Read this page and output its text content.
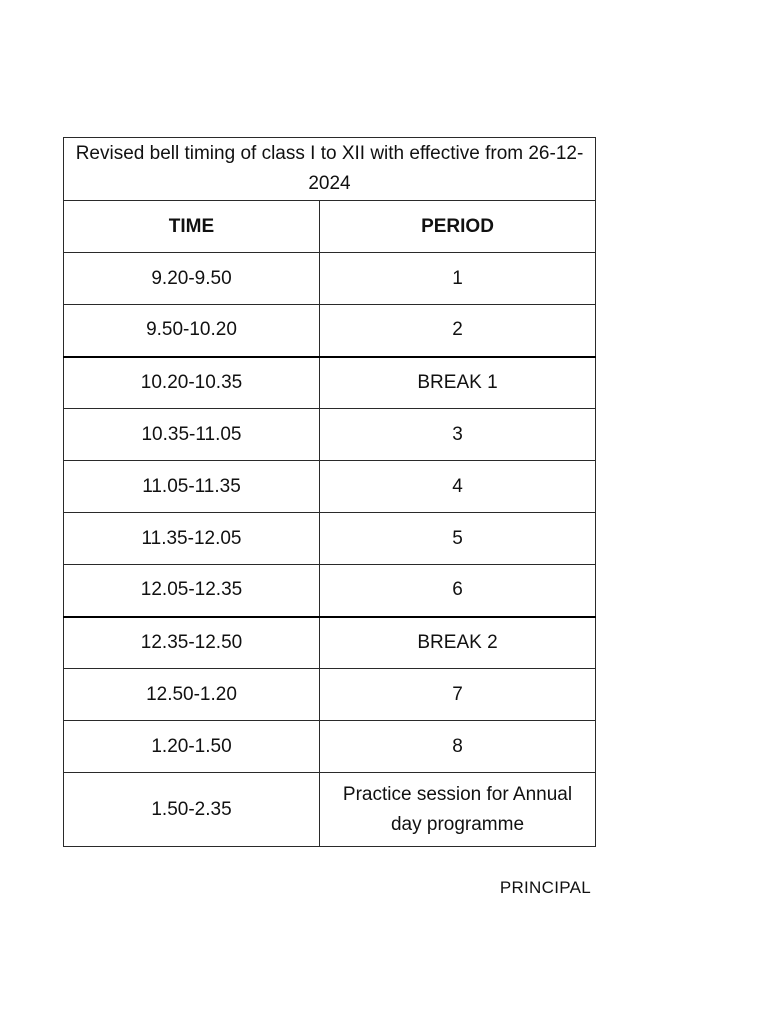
Revised bell timing of class I to XII with effective from 26-12-2024	
TIME	PERIOD
9.20-9.50	1
9.50-10.20	2
10.20-10.35	BREAK 1
10.35-11.05	3
11.05-11.35	4
11.35-12.05	5
12.05-12.35	6
12.35-12.50	BREAK 2
12.50-1.20	7
1.20-1.50	8
1.50-2.35	Practice session for Annual day programme
PRINCIPAL
